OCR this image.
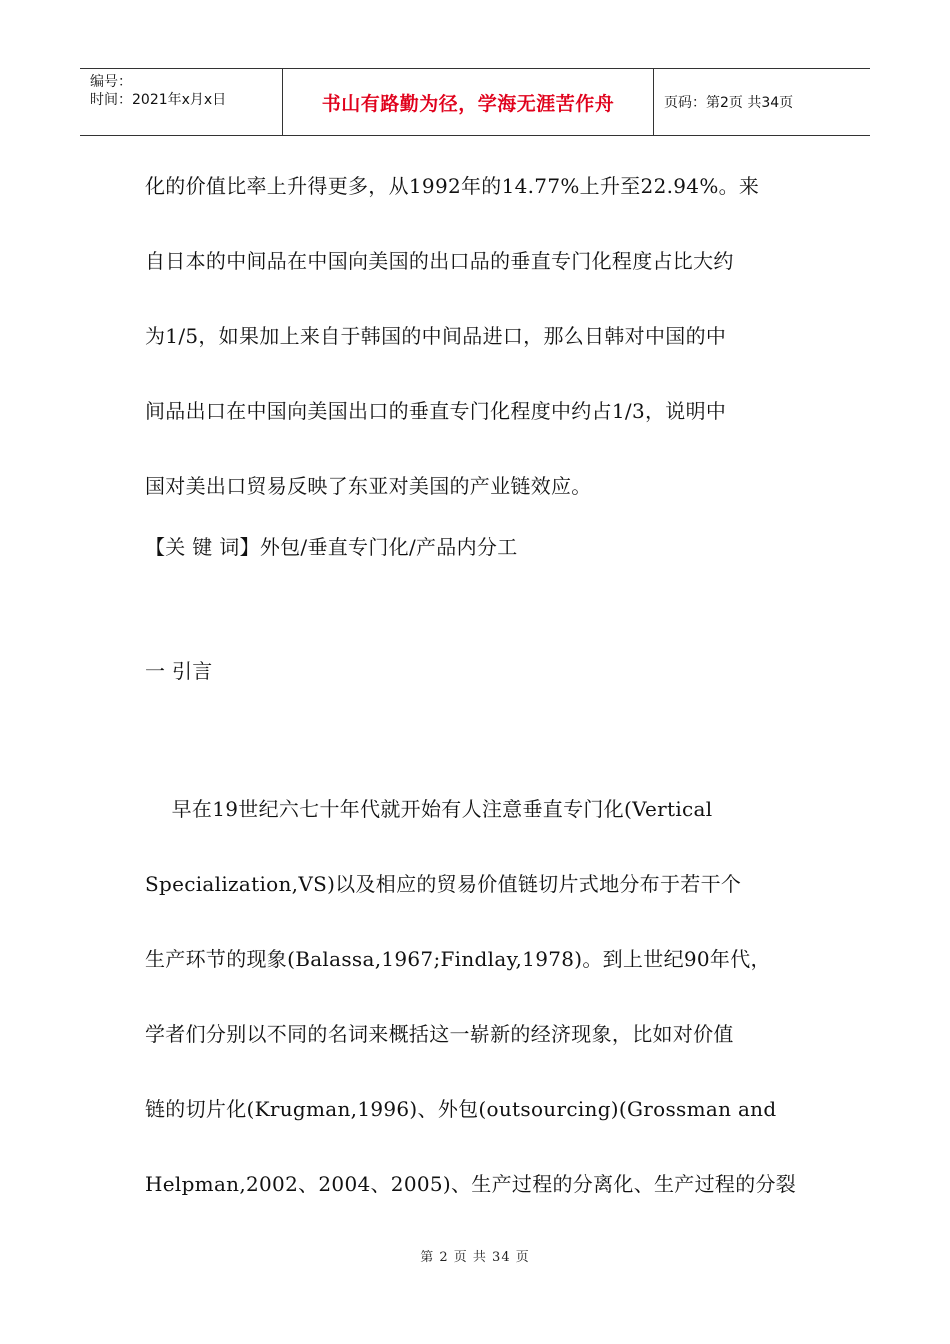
编号：
时间：2021年x月x日	书山有路勤为径，学海无涯苦作舟	页码：第2页 共34页
化的价值比率上升得更多，从1992年的14.77%上升至22.94%。来
自日本的中间品在中国向美国的出口品的垂直专门化程度占比大约
为1/5，如果加上来自于韩国的中间品进口，那么日韩对中国的中
间品出口在中国向美国出口的垂直专门化程度中约占1/3，说明中
国对美出口贸易反映了东亚对美国的产业链效应。
【关 键 词】外包/垂直专门化/产品内分工
一 引言
早在19世纪六七十年代就开始有人注意垂直专门化(Vertical
Specialization,VS)以及相应的贸易价值链切片式地分布于若干个
生产环节的现象(Balassa,1967;Findlay,1978)。到上世纪90年代，
学者们分别以不同的名词来概括这一崭新的经济现象，比如对价值
链的切片化(Krugman,1996)、外包(outsourcing)(Grossman and
Helpman,2002、2004、2005)、生产过程的分离化、生产过程的分裂
第 2 页 共 34 页
